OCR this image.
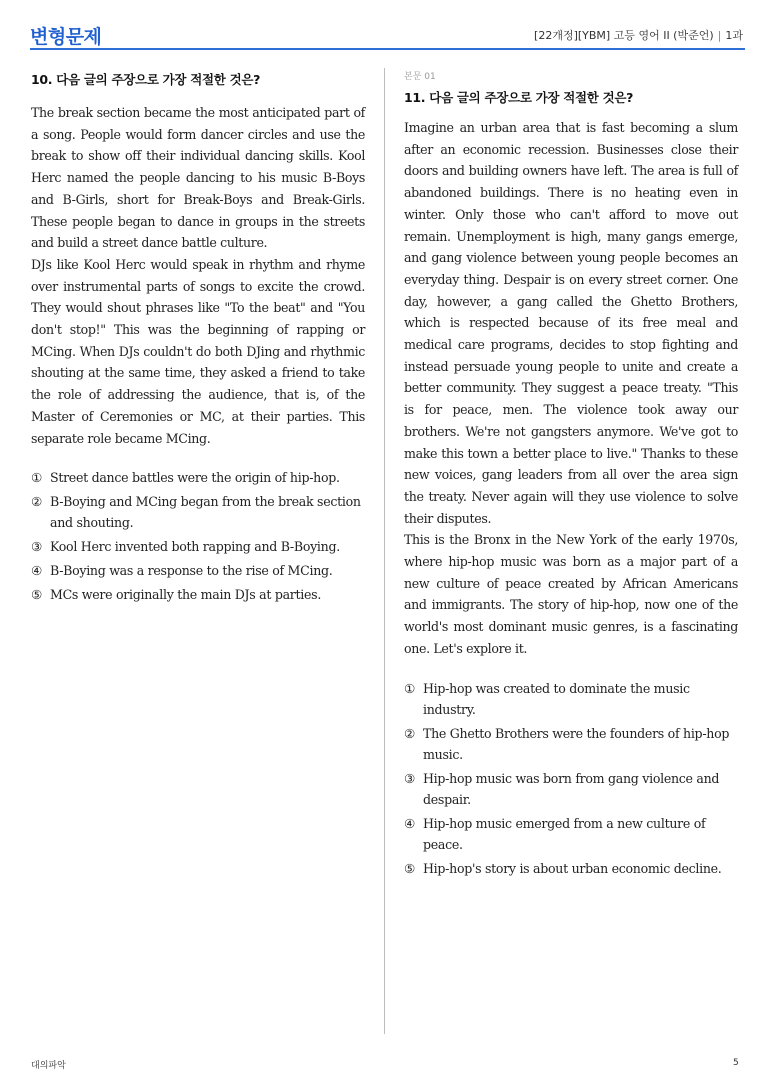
변형문제	[22개정][YBM] 고등 영어 II (박준언) | 1과
10. 다음 글의 주장으로 가장 적절한 것은?

The break section became the most anticipated part of a song. People would form dancer circles and use the break to show off their individual dancing skills. Kool Herc named the people dancing to his music B-Boys and B-Girls, short for Break-Boys and Break-Girls. These people began to dance in groups in the streets and build a street dance battle culture.

DJs like Kool Herc would speak in rhythm and rhyme over instrumental parts of songs to excite the crowd. They would shout phrases like "To the beat" and "You don't stop!" This was the beginning of rapping or MCing. When DJs couldn't do both DJing and rhythmic shouting at the same time, they asked a friend to take the role of addressing the audience, that is, of the Master of Ceremonies or MC, at their parties. This separate role became MCing.

① Street dance battles were the origin of hip-hop.
② B-Boying and MCing began from the break section and shouting.
③ Kool Herc invented both rapping and B-Boying.
④ B-Boying was a response to the rise of MCing.
⑤ MCs were originally the main DJs at parties.
본문 01
11. 다음 글의 주장으로 가장 적절한 것은?

Imagine an urban area that is fast becoming a slum after an economic recession. Businesses close their doors and building owners have left. The area is full of abandoned buildings. There is no heating even in winter. Only those who can't afford to move out remain. Unemployment is high, many gangs emerge, and gang violence between young people becomes an everyday thing. Despair is on every street corner. One day, however, a gang called the Ghetto Brothers, which is respected because of its free meal and medical care programs, decides to stop fighting and instead persuade young people to unite and create a better community. They suggest a peace treaty. "This is for peace, men. The violence took away our brothers. We're not gangsters anymore. We've got to make this town a better place to live." Thanks to these new voices, gang leaders from all over the area sign the treaty. Never again will they use violence to solve their disputes.

This is the Bronx in the New York of the early 1970s, where hip-hop music was born as a major part of a new culture of peace created by African Americans and immigrants. The story of hip-hop, now one of the world's most dominant music genres, is a fascinating one. Let's explore it.

① Hip-hop was created to dominate the music industry.
② The Ghetto Brothers were the founders of hip-hop music.
③ Hip-hop music was born from gang violence and despair.
④ Hip-hop music emerged from a new culture of peace.
⑤ Hip-hop's story is about urban economic decline.
대의파악	5
